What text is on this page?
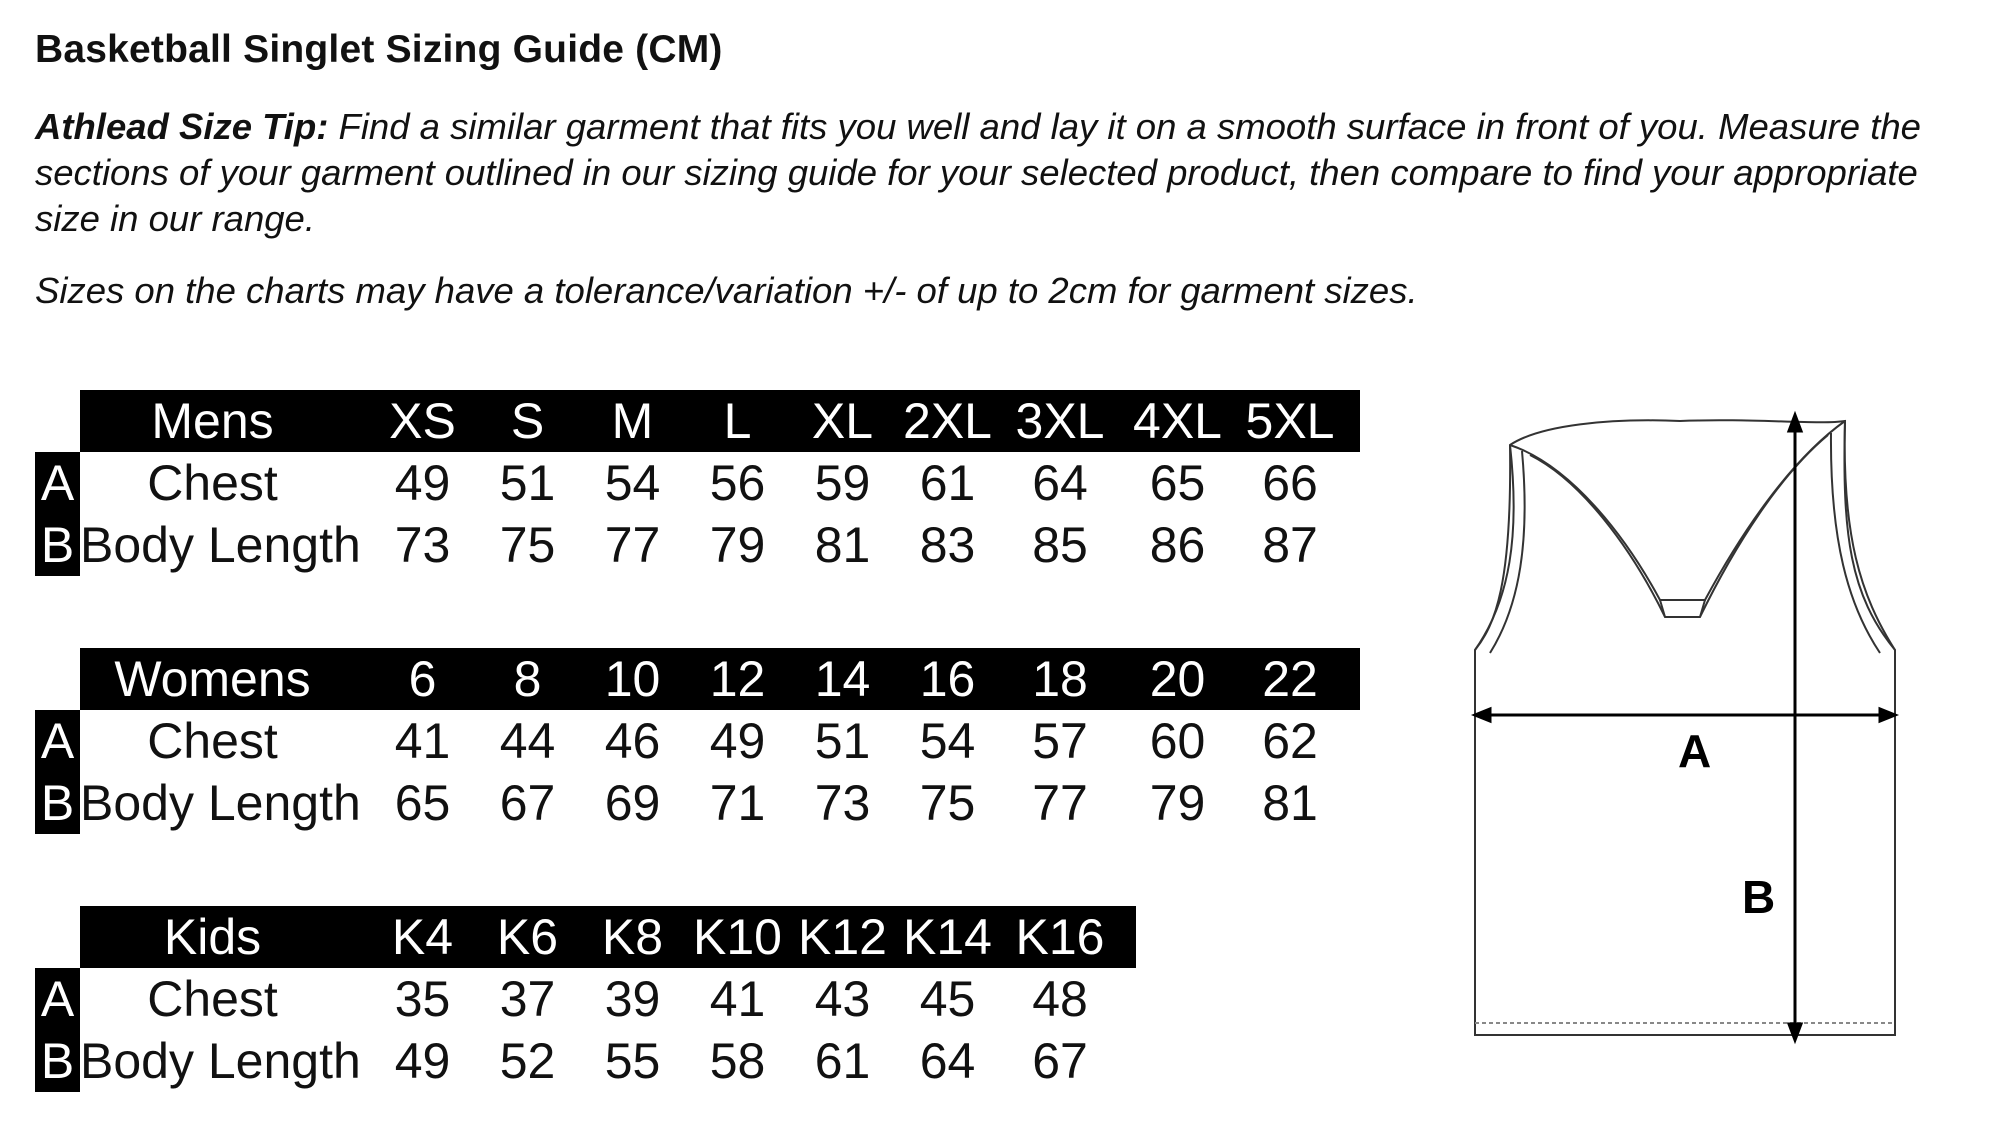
Basketball Singlet Sizing Guide (CM)
Athlead Size Tip: Find a similar garment that fits you well and lay it on a smooth surface in front of you. Measure the sections of your garment outlined in our sizing guide for your selected product, then compare to find your appropriate size in our range.
Sizes on the charts may have a tolerance/variation +/- of up to 2cm for garment sizes.
Mens	XS	S	M	L	XL 2XL 3XL 4XL 5XL
A	Chest	49 51 54 56 59 61	64	65	66
B Body Length 73 75 77 79 81 83	85	86	87
Womens	6	8	10 12 14 16	18	20	22
A	Chest	41 44 46 49 51 54	57	60	62
B Body Length 65 67 69 71 73 75	77	79	81
Kids	K4 K6 K8 K10 K12 K14 K16
A	Chest	35 37 39 41 43 45	48
B Body Length 49 52 55 58 61 64	67
A
B
